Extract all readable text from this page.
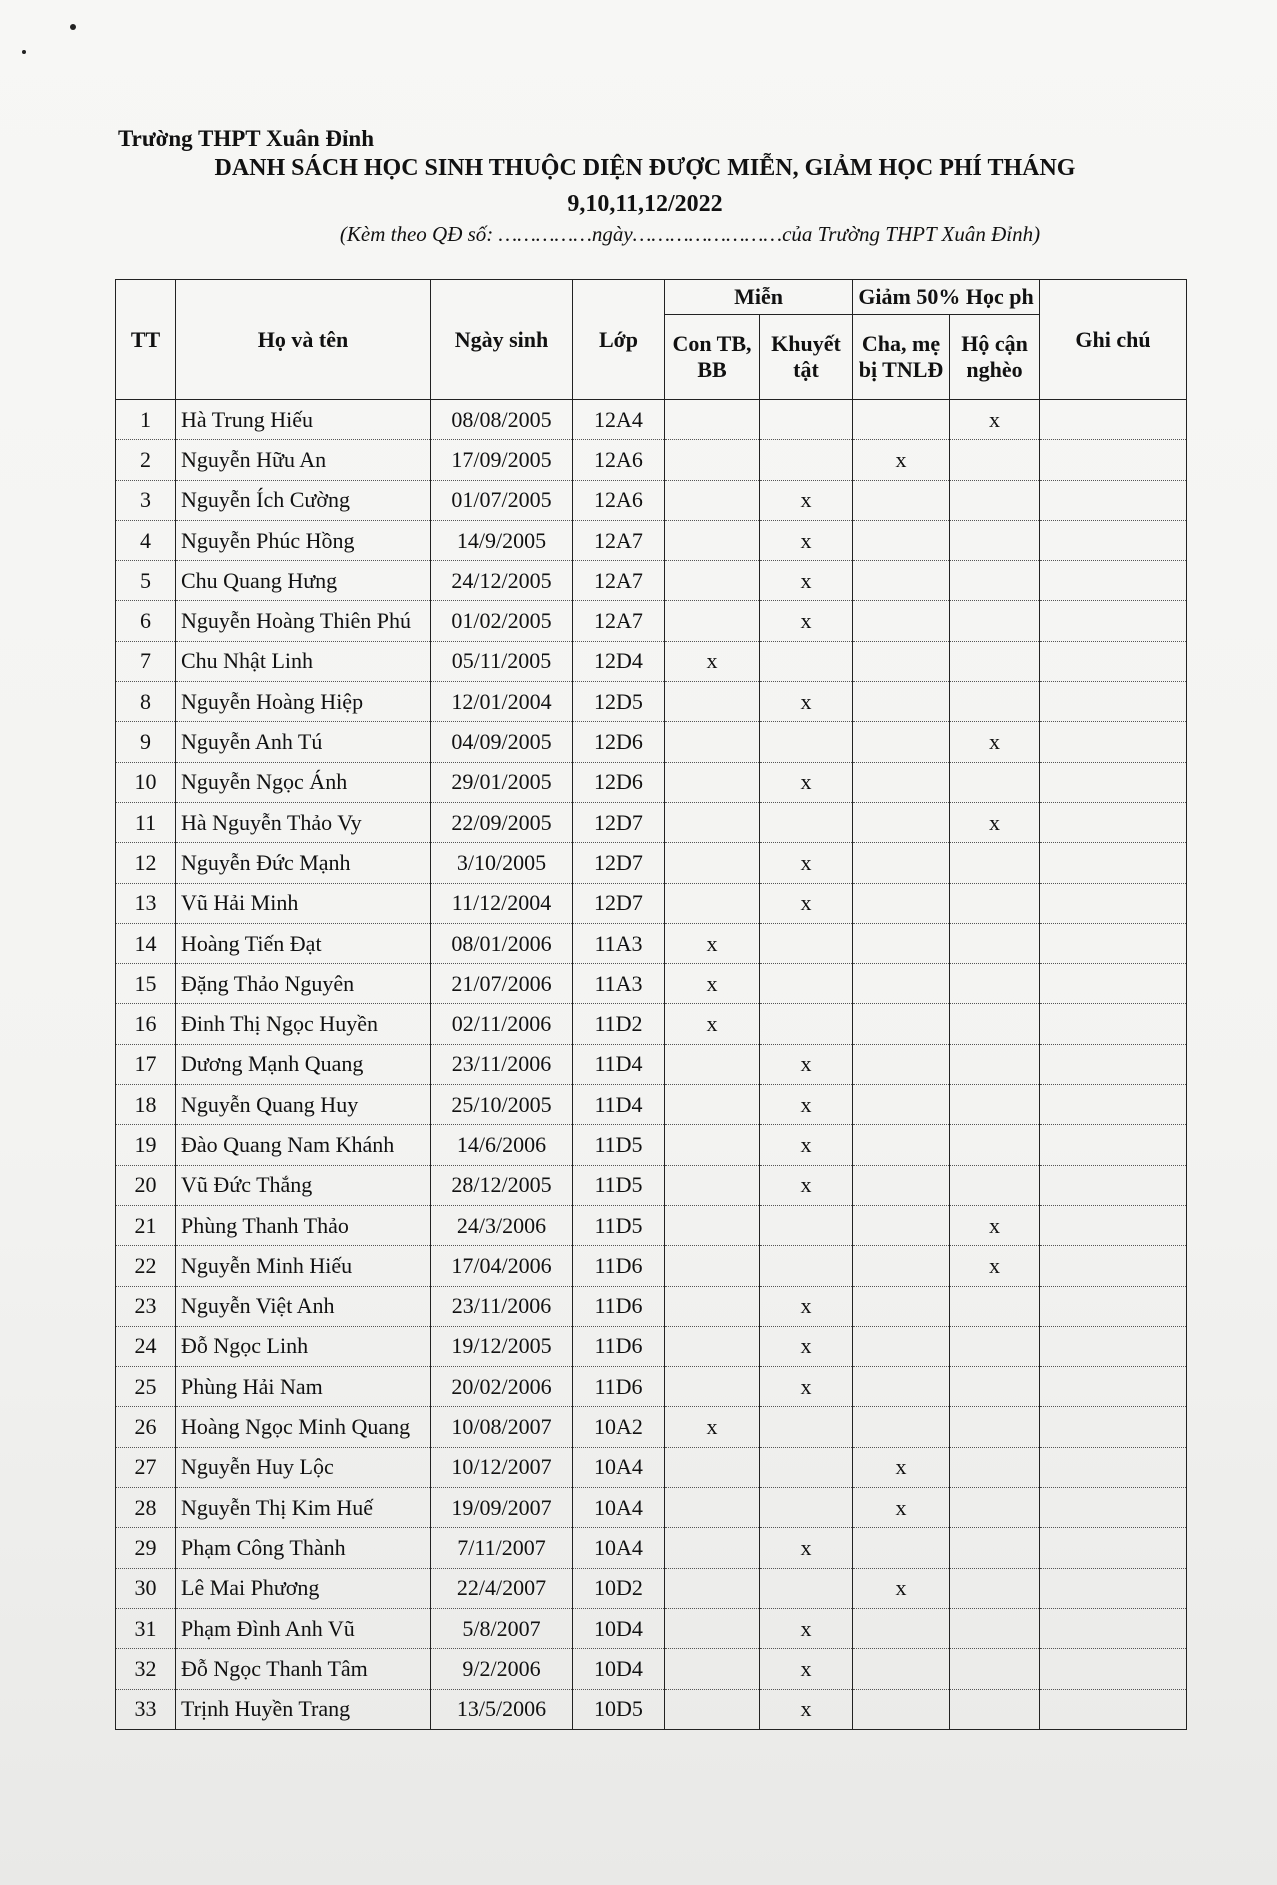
Trường THPT Xuân Đỉnh
DANH SÁCH HỌC SINH THUỘC DIỆN ĐƯỢC MIỄN, GIẢM HỌC PHÍ THÁNG
9,10,11,12/2022
(Kèm theo QĐ số: ……………ngày……………………của Trường THPT Xuân Đỉnh)
TT	Họ và tên	Ngày sinh	Lớp	Miễn		Giảm 50% Học ph		Ghi chú
				Con TB, BB	Khuyết tật	Cha, mẹ bị TNLĐ	Hộ cận nghèo	
1	Hà Trung Hiếu	08/08/2005	12A4				x	
2	Nguyễn Hữu An	17/09/2005	12A6			x		
3	Nguyễn Ích Cường	01/07/2005	12A6		x			
4	Nguyễn Phúc Hồng	14/9/2005	12A7		x			
5	Chu Quang Hưng	24/12/2005	12A7		x			
6	Nguyễn Hoàng Thiên Phú	01/02/2005	12A7		x			
7	Chu Nhật Linh	05/11/2005	12D4	x				
8	Nguyễn Hoàng Hiệp	12/01/2004	12D5		x			
9	Nguyễn Anh Tú	04/09/2005	12D6				x	
10	Nguyễn Ngọc Ánh	29/01/2005	12D6		x			
11	Hà Nguyễn Thảo Vy	22/09/2005	12D7				x	
12	Nguyễn Đức Mạnh	3/10/2005	12D7		x			
13	Vũ Hải Minh	11/12/2004	12D7		x			
14	Hoàng Tiến Đạt	08/01/2006	11A3	x				
15	Đặng Thảo Nguyên	21/07/2006	11A3	x				
16	Đinh Thị Ngọc Huyền	02/11/2006	11D2	x				
17	Dương Mạnh Quang	23/11/2006	11D4		x			
18	Nguyễn Quang Huy	25/10/2005	11D4		x			
19	Đào Quang Nam Khánh	14/6/2006	11D5		x			
20	Vũ Đức Thắng	28/12/2005	11D5		x			
21	Phùng Thanh Thảo	24/3/2006	11D5				x	
22	Nguyễn Minh Hiếu	17/04/2006	11D6				x	
23	Nguyễn Việt Anh	23/11/2006	11D6		x			
24	Đỗ Ngọc Linh	19/12/2005	11D6		x			
25	Phùng Hải Nam	20/02/2006	11D6		x			
26	Hoàng Ngọc Minh Quang	10/08/2007	10A2	x				
27	Nguyễn Huy Lộc	10/12/2007	10A4			x		
28	Nguyễn Thị Kim Huế	19/09/2007	10A4			x		
29	Phạm Công Thành	7/11/2007	10A4		x			
30	Lê Mai Phương	22/4/2007	10D2			x		
31	Phạm Đình Anh Vũ	5/8/2007	10D4		x			
32	Đỗ Ngọc Thanh Tâm	9/2/2006	10D4		x			
33	Trịnh Huyền Trang	13/5/2006	10D5		x			
